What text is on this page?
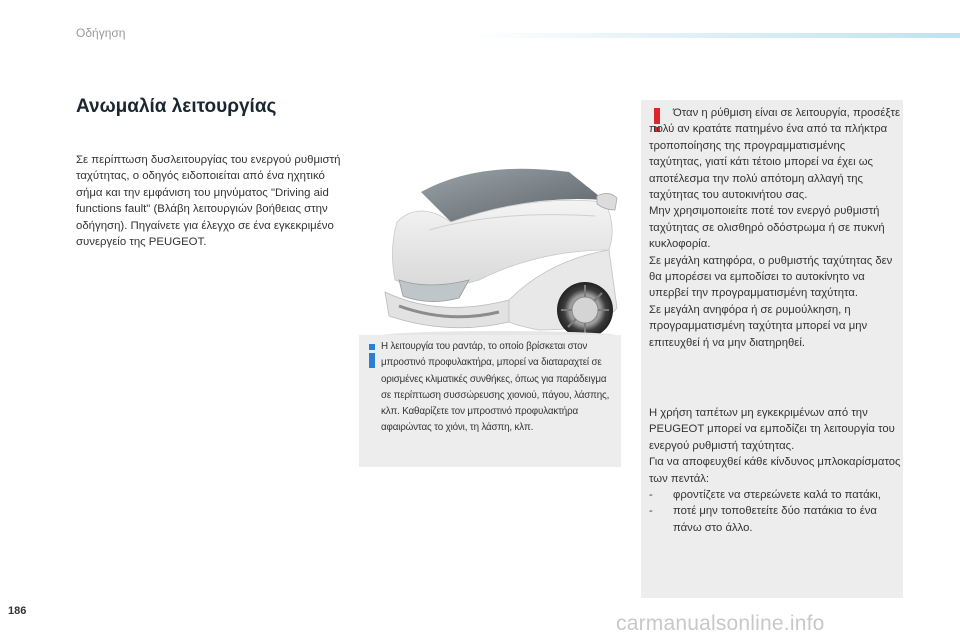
Οδήγηση
Ανωμαλία λειτουργίας

Σε περίπτωση δυσλειτουργίας του ενεργού ρυθμιστή ταχύτητας, ο οδηγός ειδοποιείται από ένα ηχητικό σήμα και την εμφάνιση του μηνύματος "Driving aid functions fault" (Βλάβη λειτουργιών βοήθειας στην οδήγηση). Πηγαίνετε για έλεγχο σε ένα εγκεκριμένο συνεργείο της PEUGEOT.

Η λειτουργία του ραντάρ, το οποίο βρίσκεται στον μπροστινό προφυλακτήρα, μπορεί να διαταραχτεί σε ορισμένες κλιματικές συνθήκες, όπως για παράδειγμα σε περίπτωση συσσώρευσης χιονιού, πάγου, λάσπης, κλπ. Καθαρίζετε τον μπροστινό προφυλακτήρα αφαιρώντας το χιόνι, τη λάσπη, κλπ.

Όταν η ρύθμιση είναι σε λειτουργία, προσέξτε πολύ αν κρατάτε πατημένο ένα από τα πλήκτρα τροποποίησης της προγραμματισμένης ταχύτητας, γιατί κάτι τέτοιο μπορεί να έχει ως αποτέλεσμα την πολύ απότομη αλλαγή της ταχύτητας του αυτοκινήτου σας.

Μην χρησιμοποιείτε ποτέ τον ενεργό ρυθμιστή ταχύτητας σε ολισθηρό οδόστρωμα ή σε πυκνή κυκλοφορία.

Σε μεγάλη κατηφόρα, ο ρυθμιστής ταχύτητας δεν θα μπορέσει να εμποδίσει το αυτοκίνητο να υπερβεί την προγραμματισμένη ταχύτητα.

Σε μεγάλη ανηφόρα ή σε ρυμούλκηση, η προγραμματισμένη ταχύτητα μπορεί να μην επιτευχθεί ή να μην διατηρηθεί.

Η χρήση ταπέτων μη εγκεκριμένων από την PEUGEOT μπορεί να εμποδίζει τη λειτουργία του ενεργού ρυθμιστή ταχύτητας.

Για να αποφευχθεί κάθε κίνδυνος μπλοκαρίσματος των πεντάλ:

- φροντίζετε να στερεώνετε καλά το πατάκι,
- ποτέ μην τοποθετείτε δύο πατάκια το ένα πάνω στο άλλο.
186
carmanualsonline.info
